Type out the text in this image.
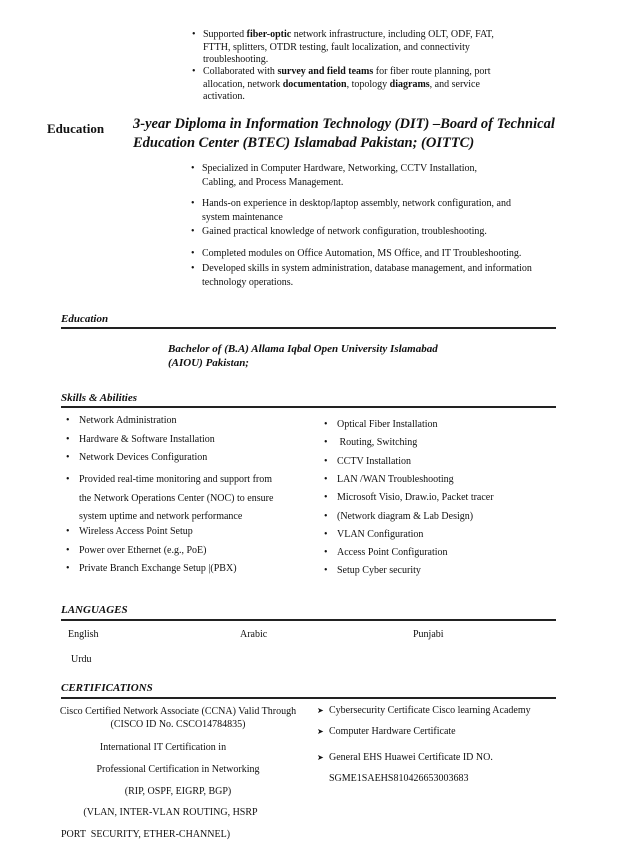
• Supported fiber-optic network infrastructure, including OLT, ODF, FAT,
FTTH, splitters, OTDR testing, fault localization, and connectivity
troubleshooting.
• Collaborated with survey and field teams for fiber route planning, port
allocation, network documentation, topology diagrams, and service
activation.
Education 3-year Diploma in Information Technology (DIT) –Board of Technical
Education Center (BTEC) Islamabad Pakistan; (OITTC)
• Specialized in Computer Hardware, Networking, CCTV Installation,
Cabling, and Process Management.
• Hands-on experience in desktop/laptop assembly, network configuration, and
system maintenance
• Gained practical knowledge of network configuration, troubleshooting.
• Completed modules on Office Automation, MS Office, and IT Troubleshooting.
• Developed skills in system administration, database management, and information
technology operations.
Education
Bachelor of (B.A) Allama Iqbal Open University Islamabad
(AIOU) Pakistan;
Skills & Abilities
• Network Administration
• Hardware & Software Installation
• Network Devices Configuration
• Provided real-time monitoring and support from
the Network Operations Center (NOC) to ensure
system uptime and network performance
• Wireless Access Point Setup
• Power over Ethernet (e.g., PoE)
• Private Branch Exchange Setup |(PBX)
• Optical Fiber Installation
• Routing, Switching
• CCTV Installation
• LAN /WAN Troubleshooting
• Microsoft Visio, Draw.io, Packet tracer
• (Network diagram & Lab Design)
• VLAN Configuration
• Access Point Configuration
• Setup Cyber security
LANGUAGES
English	Arabic	Punjabi
Urdu
CERTIFICATIONS
Cisco Certified Network Associate (CCNA) Valid Through
(CISCO ID No. CSCO14784835)
International IT Certification in
Professional Certification in Networking
(RIP, OSPF, EIGRP, BGP)
(VLAN, INTER-VLAN ROUTING, HSRP
PORT  SECURITY, ETHER-CHANNEL)
➤ Cybersecurity Certificate Cisco learning Academy
➤ Computer Hardware Certificate
➤ General EHS Huawei Certificate ID NO.
SGME1SAEHS810426653003683
